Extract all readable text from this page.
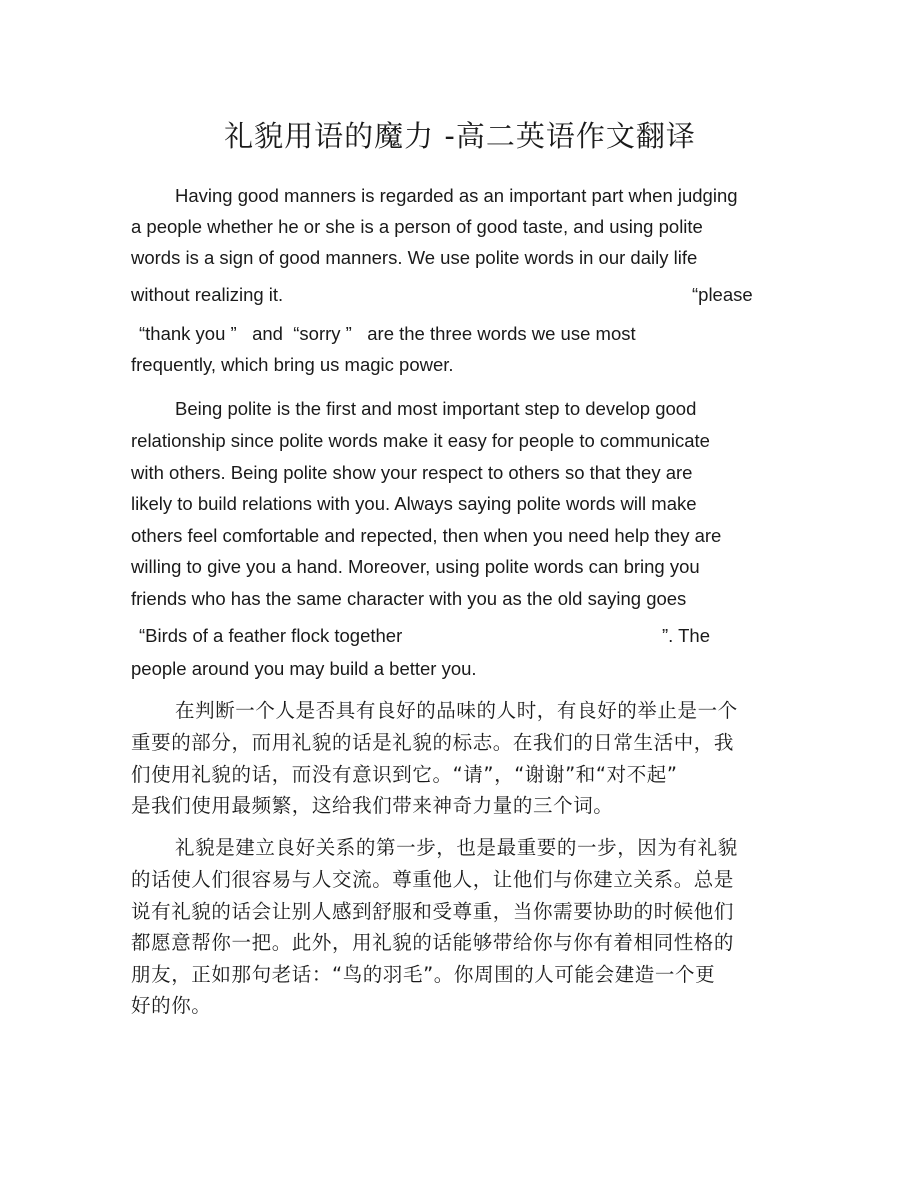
礼貌用语的魔力 -高二英语作文翻译
Having good manners is regarded as an important part when judging
a people whether he or she is a person of good taste, and using polite
words is a sign of good manners. We use polite words in our daily life
without realizing it.	“please
“thank you ”   and  “sorry ”   are the three words we use most
frequently, which bring us magic power.
Being polite is the first and most important step to develop good
relationship since polite words make it easy for people to communicate
with others. Being polite show your respect to others so that they are
likely to build relations with you. Always saying polite words will make
others feel comfortable and repected, then when you need help they are
willing to give you a hand. Moreover, using polite words can bring you
friends who has the same character with you as the old saying goes
“Birds of a feather flock together	”. The
people around you may build a better you.
在判断一个人是否具有良好的品味的人时，有良好的举止是一个
重要的部分，而用礼貌的话是礼貌的标志。在我们的日常生活中，我
们使用礼貌的话，而没有意识到它。“请”，“谢谢”和“对不起”
是我们使用最频繁，这给我们带来神奇力量的三个词。
礼貌是建立良好关系的第一步，也是最重要的一步，因为有礼貌
的话使人们很容易与人交流。尊重他人，让他们与你建立关系。总是
说有礼貌的话会让别人感到舒服和受尊重，当你需要协助的时候他们
都愿意帮你一把。此外，用礼貌的话能够带给你与你有着相同性格的
朋友，正如那句老话：“鸟的羽毛”。你周围的人可能会建造一个更
好的你。
